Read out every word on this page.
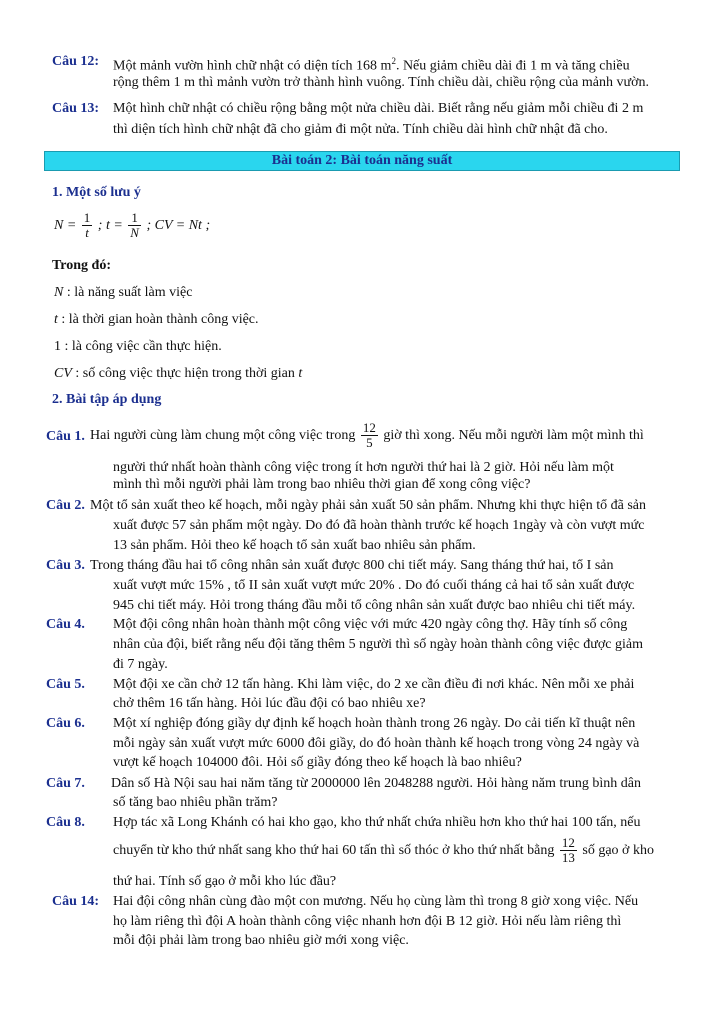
Câu 12: Một mảnh vườn hình chữ nhật có diện tích 168 $m^2$. Nếu giảm chiều dài đi 1 m và tăng chiều
rộng thêm 1 m thì mảnh vườn trở thành hình vuông. Tính chiều dài, chiều rộng của mảnh vườn.
Câu 13: Một hình chữ nhật có chiều rộng bằng một nửa chiều dài. Biết rằng nếu giảm mỗi chiều đi 2 m
thì diện tích hình chữ nhật đã cho giảm đi một nửa. Tính chiều dài hình chữ nhật đã cho.
Bài toán 2: Bài toán năng suất
1. Một số lưu ý
$N = \frac{1}{t}$ ; $t = \frac{1}{N}$ ; CV = Nt ;
Trong đó:
N : là năng suất làm việc
t : là thời gian hoàn thành công việc.
1 : là công việc cần thực hiện.
CV : số công việc thực hiện trong thời gian t
2. Bài tập áp dụng
Câu 1. Hai người cùng làm chung một công việc trong $\frac{12}{5}$ giờ thì xong. Nếu mỗi người làm một mình thì
người thứ nhất hoàn thành công việc trong ít hơn người thứ hai là 2 giờ. Hỏi nếu làm một
mình thì mỗi người phải làm trong bao nhiêu thời gian để xong công việc?
Câu 2. Một tổ sản xuất theo kế hoạch, mỗi ngày phải sản xuất 50 sản phẩm. Nhưng khi thực hiện tổ đã sản
xuất được 57 sản phẩm một ngày. Do đó đã hoàn thành trước kế hoạch 1ngày và còn vượt mức
13 sản phẩm. Hỏi theo kế hoạch tổ sản xuất bao nhiêu sản phẩm.
Câu 3. Trong tháng đầu hai tổ công nhân sản xuất được 800 chi tiết máy. Sang tháng thứ hai, tổ I sản
xuất vượt mức 15% , tổ II sản xuất vượt mức 20% . Do đó cuối tháng cả hai tổ sản xuất được
945 chi tiết máy. Hỏi trong tháng đầu mỗi tổ công nhân sản xuất được bao nhiêu chi tiết máy.
Câu 4. Một đội công nhân hoàn thành một công việc với mức 420 ngày công thợ. Hãy tính số công
nhân của đội, biết rằng nếu đội tăng thêm 5 người thì số ngày hoàn thành công việc được giảm
đi 7 ngày.
Câu 5. Một đội xe cần chở 12 tấn hàng. Khi làm việc, do 2 xe cần điều đi nơi khác. Nên mỗi xe phải
chở thêm 16 tấn hàng. Hỏi lúc đầu đội có bao nhiêu xe?
Câu 6. Một xí nghiệp đóng giầy dự định kế hoạch hoàn thành trong 26 ngày. Do cải tiến kĩ thuật nên
mỗi ngày sản xuất vượt mức 6000 đôi giầy, do đó hoàn thành kế hoạch trong vòng 24 ngày và
vượt kế hoạch 104000 đôi. Hỏi số giầy đóng theo kế hoạch là bao nhiêu?
Câu 7. Dân số Hà Nội sau hai năm tăng từ 2000000 lên 2048288 người. Hỏi hàng năm trung bình dân
số tăng bao nhiêu phần trăm?
Câu 8. Hợp tác xã Long Khánh có hai kho gạo, kho thứ nhất chứa nhiều hơn kho thứ hai 100 tấn, nếu
chuyển từ kho thứ nhất sang kho thứ hai 60 tấn thì số thóc ở kho thứ nhất bằng $\frac{12}{13}$ số gạo ở kho
thứ hai. Tính số gạo ở mỗi kho lúc đầu?
Câu 14: Hai đội công nhân cùng đào một con mương. Nếu họ cùng làm thì trong 8 giờ xong việc. Nếu
họ làm riêng thì đội A hoàn thành công việc nhanh hơn đội B 12 giờ. Hỏi nếu làm riêng thì
mỗi đội phải làm trong bao nhiêu giờ mới xong việc.
